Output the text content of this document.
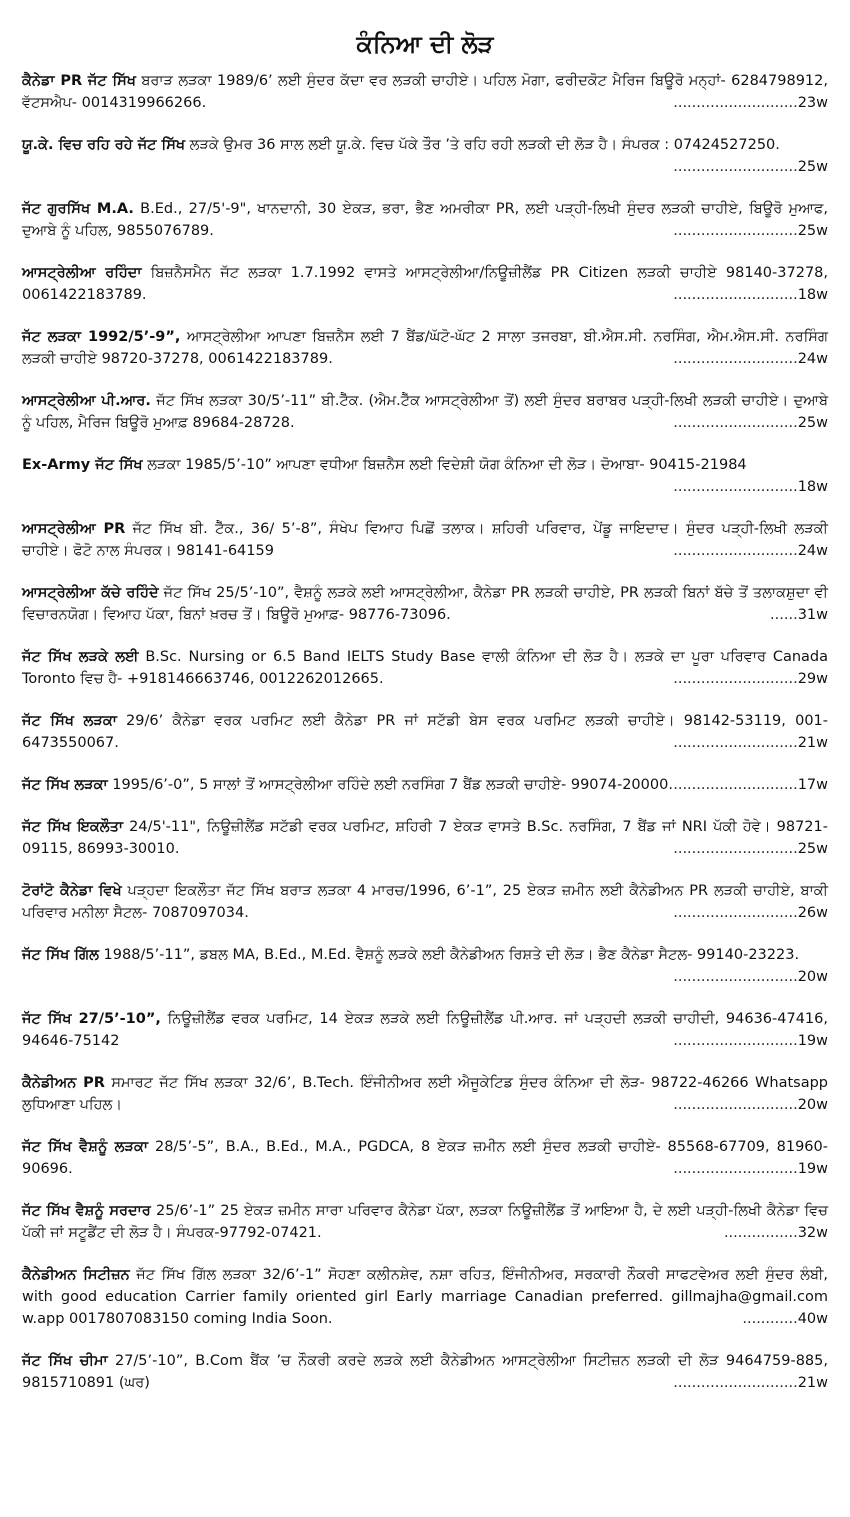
ਕੰਨਿਆ ਦੀ ਲੋੜ
ਕੈਨੇਡਾ PR ਜੱਟ ਸਿੱਖ ਬਰਾੜ ਲੜਕਾ 1989/6’ ਲਈ ਸੁੰਦਰ ਕੱਦਾ ਵਰ ਲੜਕੀ ਚਾਹੀਏ। ਪਹਿਲ ਮੋਗਾ, ਫਰੀਦਕੋਟ ਮੈਰਿਜ ਬਿਊਰੋ ਮਨ੍ਹਾਂ- 6284798912, ਵੱਟਸਐਪ- 0014319966266.	...........................23w
ਯੂ.ਕੇ. ਵਿਚ ਰਹਿ ਰਹੇ ਜੱਟ ਸਿੱਖ ਲੜਕੇ ਉਮਰ 36 ਸਾਲ ਲਈ ਯੂ.ਕੇ. ਵਿਚ ਪੱਕੇ ਤੌਰ ’ਤੇ ਰਹਿ ਰਹੀ ਲੜਕੀ ਦੀ ਲੋੜ ਹੈ। ਸੰਪਰਕ : 07424527250.
...........................25w
ਜੱਟ ਗੁਰਸਿੱਖ M.A. B.Ed., 27/5'-9", ਖਾਨਦਾਨੀ, 30 ਏਕੜ, ਭਰਾ, ਭੈਣ ਅਮਰੀਕਾ PR, ਲਈ ਪੜ੍ਹੀ-ਲਿਖੀ ਸੁੰਦਰ ਲੜਕੀ ਚਾਹੀਏ, ਬਿਊਰੋ ਮੁਆਫ, ਦੁਆਬੇ ਨੂੰ ਪਹਿਲ, 9855076789.	...........................25w
ਆਸਟ੍ਰੇਲੀਆ ਰਹਿੰਦਾ ਬਿਜ਼ਨੈਸਮੈਨ ਜੱਟ ਲੜਕਾ 1.7.1992 ਵਾਸਤੇ ਆਸਟ੍ਰੇਲੀਆ/ਨਿਊਜ਼ੀਲੈਂਡ PR Citizen ਲੜਕੀ ਚਾਹੀਏ 98140-37278, 0061422183789.	...........................18w
ਜੱਟ ਲੜਕਾ 1992/5’-9”, ਆਸਟ੍ਰੇਲੀਆ ਆਪਣਾ ਬਿਜ਼ਨੈਸ ਲਈ 7 ਬੈਂਡ/ਘੱਟੋ-ਘੱਟ 2 ਸਾਲਾ ਤਜਰਬਾ, ਬੀ.ਐਸ.ਸੀ. ਨਰਸਿੰਗ, ਐਮ.ਐਸ.ਸੀ. ਨਰਸਿੰਗ ਲੜਕੀ ਚਾਹੀਏ 98720-37278, 0061422183789.	...........................24w
ਆਸਟ੍ਰੇਲੀਆ ਪੀ.ਆਰ. ਜੱਟ ਸਿੱਖ ਲੜਕਾ 30/5’-11” ਬੀ.ਟੈੱਕ. (ਐਮ.ਟੈੱਕ ਆਸਟ੍ਰੇਲੀਆ ਤੋਂ) ਲਈ ਸੁੰਦਰ ਬਰਾਬਰ ਪੜ੍ਹੀ-ਲਿਖੀ ਲੜਕੀ ਚਾਹੀਏ। ਦੁਆਬੇ ਨੂੰ ਪਹਿਲ, ਮੈਰਿਜ ਬਿਊਰੋ ਮੁਆਫ਼ 89684-28728.	...........................25w
Ex-Army ਜੱਟ ਸਿੱਖ ਲੜਕਾ 1985/5’-10” ਆਪਣਾ ਵਧੀਆ ਬਿਜ਼ਨੈਸ ਲਈ ਵਿਦੇਸ਼ੀ ਯੋਗ ਕੰਨਿਆ ਦੀ ਲੋੜ। ਦੋਆਬਾ- 90415-21984
...........................18w
ਆਸਟ੍ਰੇਲੀਆ PR ਜੱਟ ਸਿੱਖ ਬੀ. ਟੈੱਕ., 36/ 5’-8”, ਸੰਖੇਪ ਵਿਆਹ ਪਿਛੋਂ ਤਲਾਕ। ਸ਼ਹਿਰੀ ਪਰਿਵਾਰ, ਪੇਂਡੂ ਜਾਇਦਾਦ। ਸੁੰਦਰ ਪੜ੍ਹੀ-ਲਿਖੀ ਲੜਕੀ ਚਾਹੀਏ। ਫੋਟੋ ਨਾਲ ਸੰਪਰਕ। 98141-64159	...........................24w
ਆਸਟ੍ਰੇਲੀਆ ਕੱਚੇ ਰਹਿੰਦੇ ਜੱਟ ਸਿੱਖ 25/5’-10”, ਵੈਸ਼ਨੂੰ ਲੜਕੇ ਲਈ ਆਸਟ੍ਰੇਲੀਆ, ਕੈਨੇਡਾ PR ਲੜਕੀ ਚਾਹੀਏ, PR ਲੜਕੀ ਬਿਨਾਂ ਬੱਚੇ ਤੋਂ ਤਲਾਕਸ਼ੁਦਾ ਵੀ ਵਿਚਾਰਨਯੋਗ। ਵਿਆਹ ਪੱਕਾ, ਬਿਨਾਂ ਖ਼ਰਚ ਤੋਂ। ਬਿਊਰੋ ਮੁਆਫ਼- 98776-73096.	......31w
ਜੱਟ ਸਿੱਖ ਲੜਕੇ ਲਈ B.Sc. Nursing or 6.5 Band IELTS Study Base ਵਾਲੀ ਕੰਨਿਆ ਦੀ ਲੋੜ ਹੈ। ਲੜਕੇ ਦਾ ਪੂਰਾ ਪਰਿਵਾਰ Canada Toronto ਵਿਚ ਹੈ- +918146663746, 0012262012665.	...........................29w
ਜੱਟ ਸਿੱਖ ਲੜਕਾ 29/6’ ਕੈਨੇਡਾ ਵਰਕ ਪਰਮਿਟ ਲਈ ਕੈਨੇਡਾ PR ਜਾਂ ਸਟੱਡੀ ਬੇਸ ਵਰਕ ਪਰਮਿਟ ਲੜਕੀ ਚਾਹੀਏ। 98142-53119, 001-6473550067.	...........................21w
ਜੱਟ ਸਿੱਖ ਲੜਕਾ 1995/6’-0”, 5 ਸਾਲਾਂ ਤੋਂ ਆਸਟ੍ਰੇਲੀਆ ਰਹਿੰਦੇ ਲਈ ਨਰਸਿੰਗ 7 ਬੈਂਡ ਲੜਕੀ ਚਾਹੀਏ- 99074-20000. ...........................17w
ਜੱਟ ਸਿੱਖ ਇਕਲੌਤਾ 24/5'-11", ਨਿਊਜ਼ੀਲੈਂਡ ਸਟੱਡੀ ਵਰਕ ਪਰਮਿਟ, ਸ਼ਹਿਰੀ 7 ਏਕੜ ਵਾਸਤੇ B.Sc. ਨਰਸਿੰਗ, 7 ਬੈਂਡ ਜਾਂ NRI ਪੱਕੀ ਹੋਵੇ। 98721-09115, 86993-30010.	...........................25w
ਟੋਰਾਂਟੋ ਕੈਨੇਡਾ ਵਿਖੇ ਪੜ੍ਹਦਾ ਇਕਲੌਤਾ ਜੱਟ ਸਿੱਖ ਬਰਾੜ ਲੜਕਾ 4 ਮਾਰਚ/1996, 6’-1”, 25 ਏਕੜ ਜ਼ਮੀਨ ਲਈ ਕੈਨੇਡੀਅਨ PR ਲੜਕੀ ਚਾਹੀਏ, ਬਾਕੀ ਪਰਿਵਾਰ ਮਨੀਲਾ ਸੈਟਲ- 7087097034.	...........................26w
ਜੱਟ ਸਿੱਖ ਗਿੱਲ 1988/5’-11”, ਡਬਲ MA, B.Ed., M.Ed. ਵੈਸ਼ਨੂੰ ਲੜਕੇ ਲਈ ਕੈਨੇਡੀਅਨ ਰਿਸ਼ਤੇ ਦੀ ਲੋੜ। ਭੈਣ ਕੈਨੇਡਾ ਸੈਟਲ- 99140-23223.
...........................20w
ਜੱਟ ਸਿੱਖ 27/5’-10”, ਨਿਊਜ਼ੀਲੈਂਡ ਵਰਕ ਪਰਮਿਟ, 14 ਏਕੜ ਲੜਕੇ ਲਈ ਨਿਊਜ਼ੀਲੈਂਡ ਪੀ.ਆਰ. ਜਾਂ ਪੜ੍ਹਦੀ ਲੜਕੀ ਚਾਹੀਦੀ, 94636-47416, 94646-75142	...........................19w
ਕੈਨੇਡੀਅਨ PR ਸਮਾਰਟ ਜੱਟ ਸਿੱਖ ਲੜਕਾ 32/6’, B.Tech. ਇੰਜੀਨੀਅਰ ਲਈ ਐਜੂਕੇਟਿਡ ਸੁੰਦਰ ਕੰਨਿਆ ਦੀ ਲੋੜ- 98722-46266 Whatsapp ਲੁਧਿਆਣਾ ਪਹਿਲ।	...........................20w
ਜੱਟ ਸਿੱਖ ਵੈਸ਼ਨੂੰ ਲੜਕਾ 28/5’-5”, B.A., B.Ed., M.A., PGDCA, 8 ਏਕੜ ਜ਼ਮੀਨ ਲਈ ਸੁੰਦਰ ਲੜਕੀ ਚਾਹੀਏ- 85568-67709, 81960-90696.	...........................19w
ਜੱਟ ਸਿੱਖ ਵੈਸ਼ਨੂੰ ਸਰਦਾਰ 25/6’-1” 25 ਏਕੜ ਜ਼ਮੀਨ ਸਾਰਾ ਪਰਿਵਾਰ ਕੈਨੇਡਾ ਪੱਕਾ, ਲੜਕਾ ਨਿਊਜ਼ੀਲੈਂਡ ਤੋਂ ਆਇਆ ਹੈ, ਦੇ ਲਈ ਪੜ੍ਹੀ-ਲਿਖੀ ਕੈਨੇਡਾ ਵਿਚ ਪੱਕੀ ਜਾਂ ਸਟੂਡੈਂਟ ਦੀ ਲੋੜ ਹੈ। ਸੰਪਰਕ-97792-07421.	................32w
ਕੈਨੇਡੀਅਨ ਸਿਟੀਜ਼ਨ ਜੱਟ ਸਿੱਖ ਗਿੱਲ ਲੜਕਾ 32/6’-1” ਸੋਹਣਾ ਕਲੀਨਸ਼ੇਵ, ਨਸ਼ਾ ਰਹਿਤ, ਇੰਜੀਨੀਅਰ, ਸਰਕਾਰੀ ਨੌਕਰੀ ਸਾਫਟਵੇਅਰ ਲਈ ਸੁੰਦਰ ਲੰਬੀ, with good education Carrier family oriented girl Early marriage Canadian preferred. gillmajha@gmail.com w.app 0017807083150 coming India Soon.	............40w
ਜੱਟ ਸਿੱਖ ਚੀਮਾ 27/5’-10”, B.Com ਬੈਂਕ ’ਚ ਨੌਕਰੀ ਕਰਦੇ ਲੜਕੇ ਲਈ ਕੈਨੇਡੀਅਨ ਆਸਟ੍ਰੇਲੀਆ ਸਿਟੀਜ਼ਨ ਲੜਕੀ ਦੀ ਲੋੜ 9464759-885, 9815710891 (ਘਰ)	...........................21w
